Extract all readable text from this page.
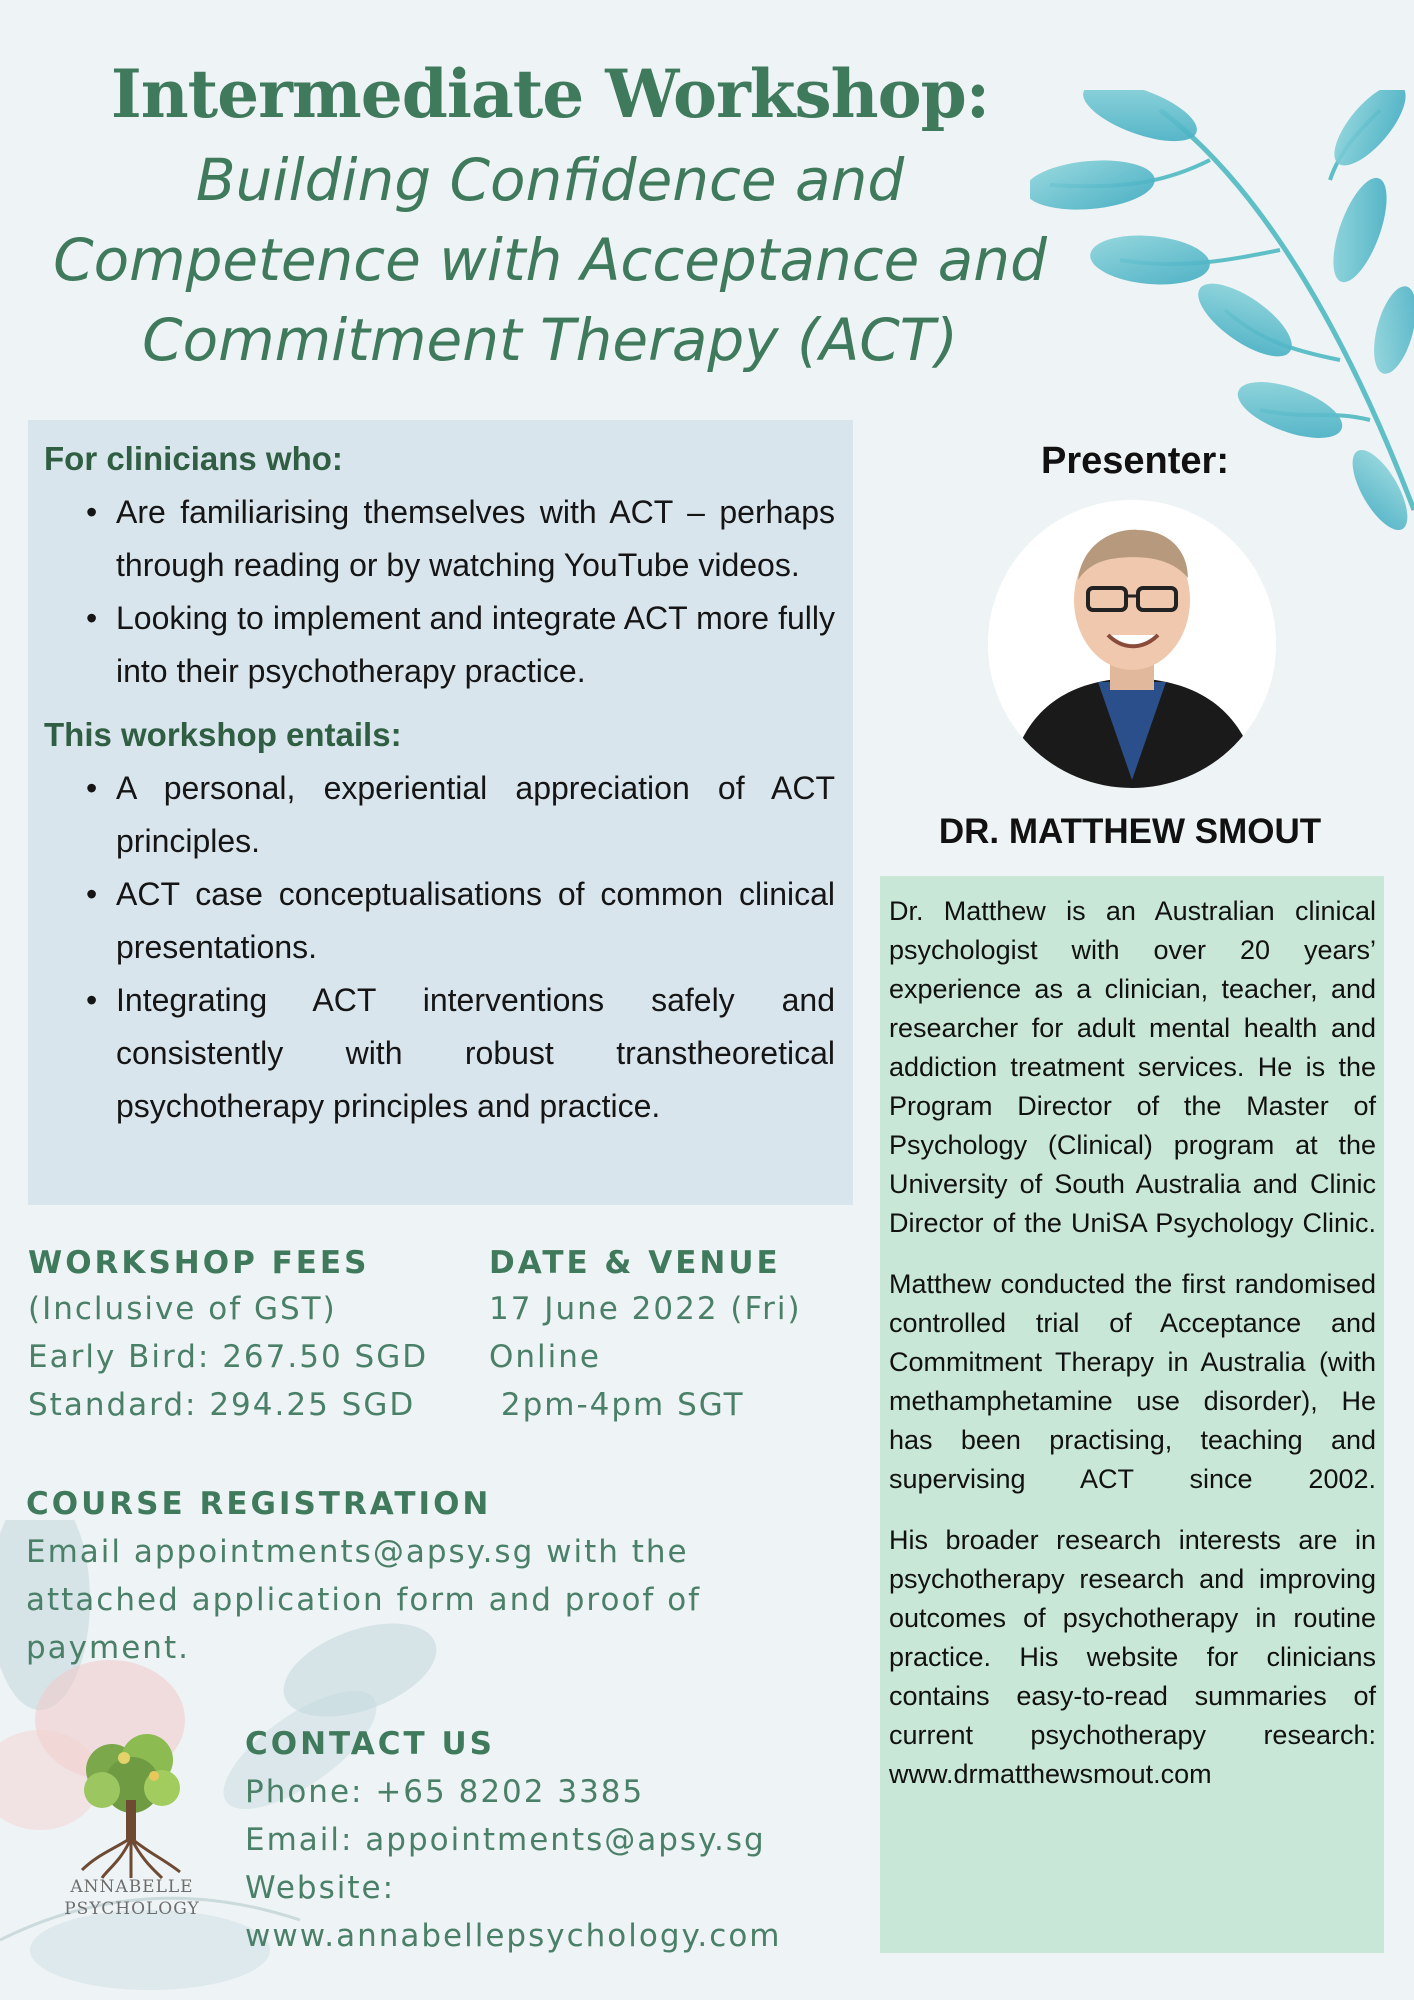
Intermediate Workshop:
Building Confidence and
Competence with Acceptance and
Commitment Therapy (ACT)
For clinicians who:
• Are familiarising themselves with ACT – perhaps through reading or by watching YouTube videos.
• Looking to implement and integrate ACT more fully into their psychotherapy practice.
This workshop entails:
• A personal, experiential appreciation of ACT principles.
• ACT case conceptualisations of common clinical presentations.
• Integrating ACT interventions safely and consistently with robust transtheoretical psychotherapy principles and practice.
WORKSHOP FEES
(Inclusive of GST)
Early Bird: 267.50 SGD
Standard: 294.25 SGD
DATE & VENUE
17 June 2022 (Fri)
Online
2pm-4pm SGT
COURSE REGISTRATION
Email appointments@apsy.sg with the
attached application form and proof of
payment.
ANNABELLE
PSYCHOLOGY
CONTACT US
Phone: +65 8202 3385
Email: appointments@apsy.sg
Website:
www.annabellepsychology.com
Presenter:
DR. MATTHEW SMOUT

Dr. Matthew is an Australian clinical psychologist with over 20 years’ experience as a clinician, teacher, and researcher for adult mental health and addiction treatment services. He is the Program Director of the Master of Psychology (Clinical) program at the University of South Australia and Clinic Director of the UniSA Psychology Clinic.

Matthew conducted the first randomised controlled trial of Acceptance and Commitment Therapy in Australia (with methamphetamine use disorder), He has been practising, teaching and supervising ACT since 2002.

His broader research interests are in psychotherapy research and improving outcomes of psychotherapy in routine practice. His website for clinicians contains easy-to-read summaries of current psychotherapy research: www.drmatthewsmout.com
